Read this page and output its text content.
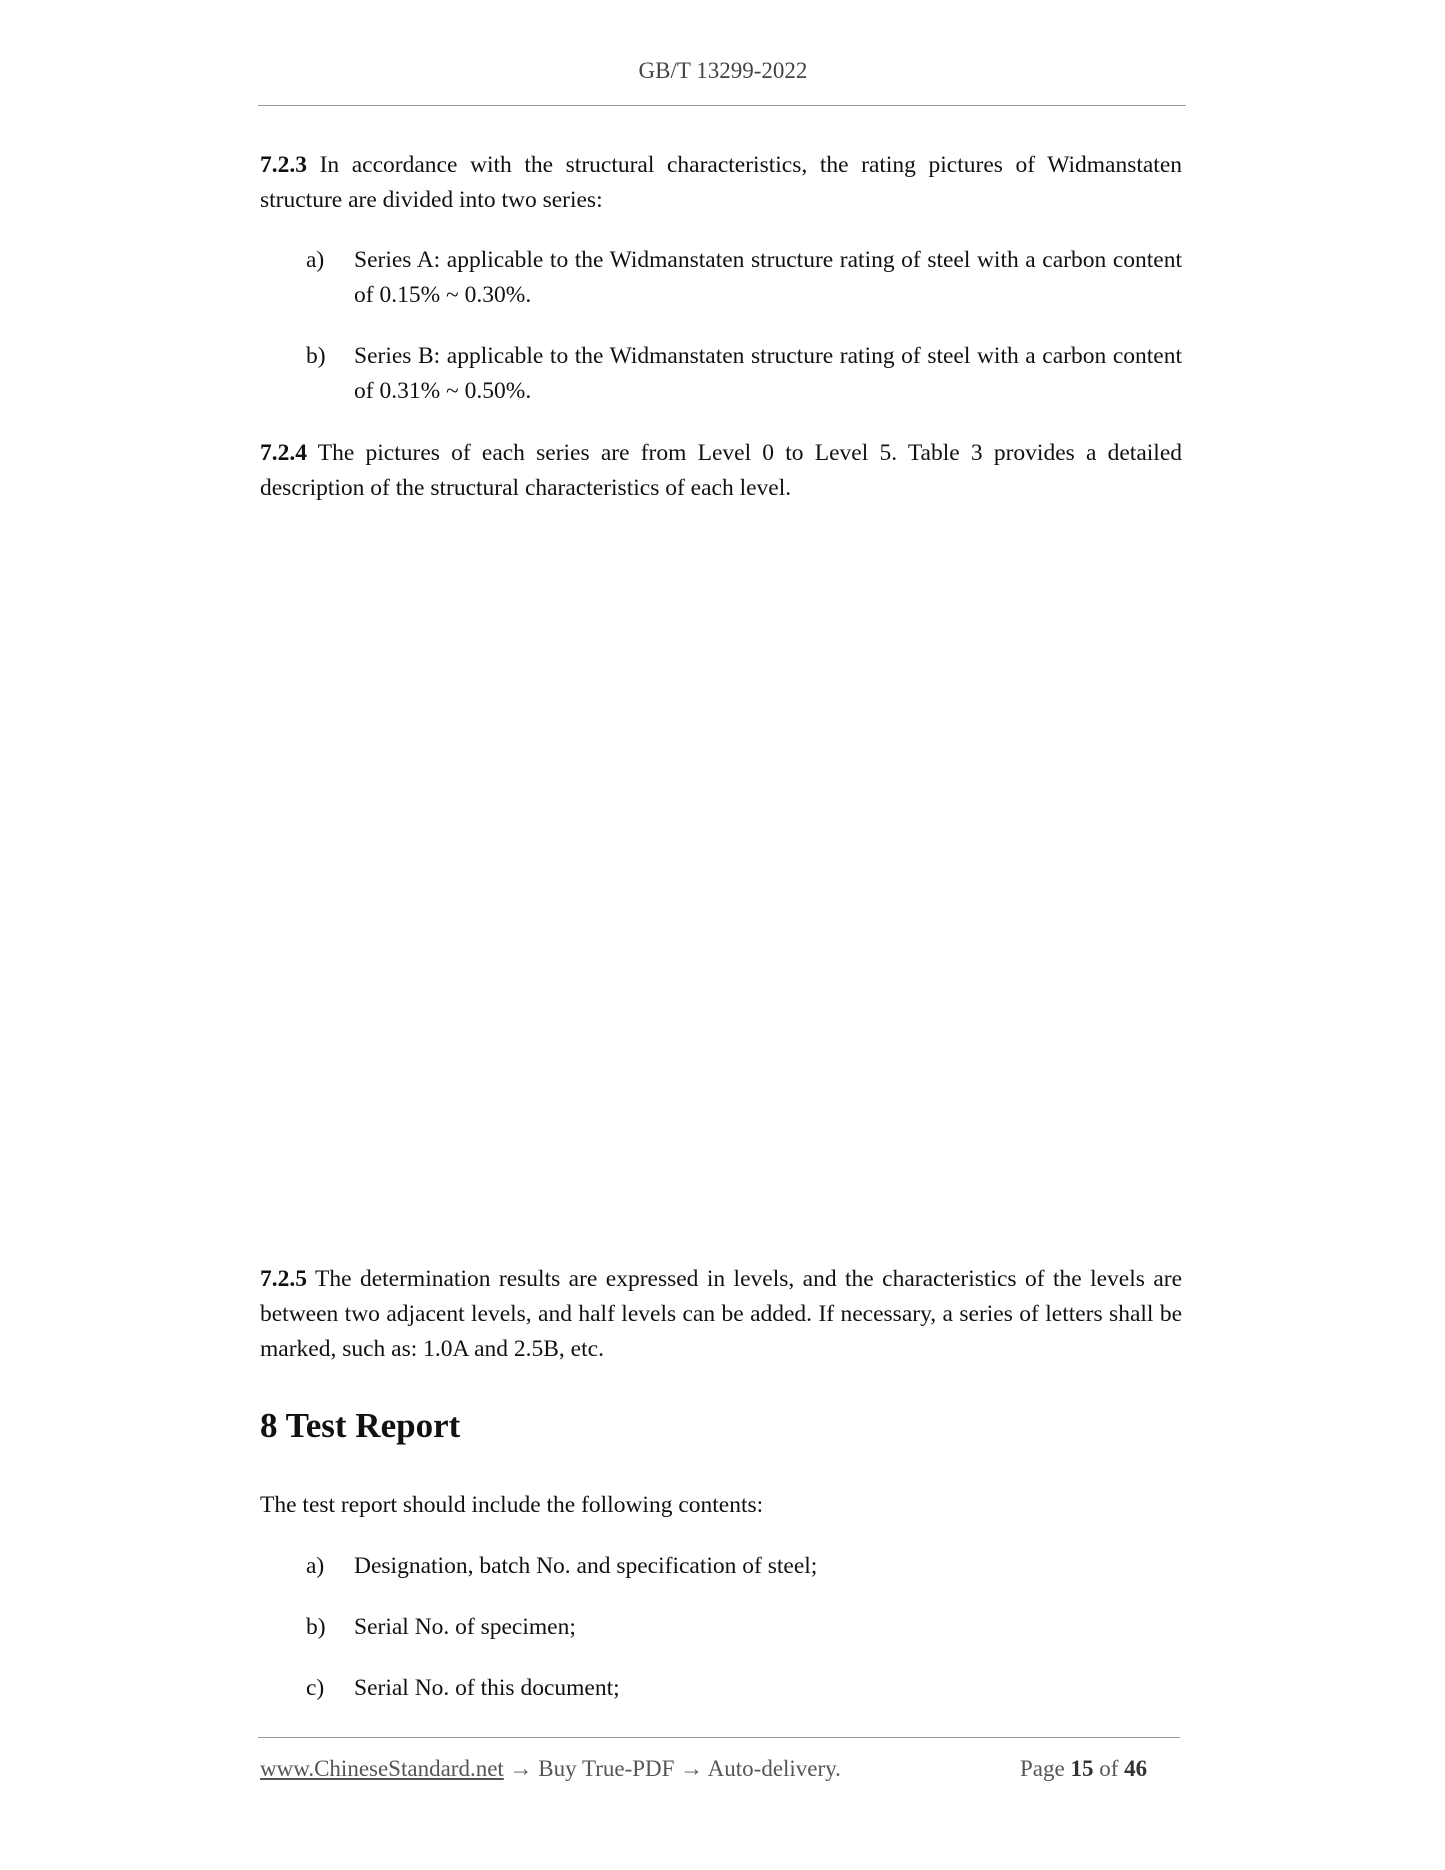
GB/T 13299-2022

7.2.3 In accordance with the structural characteristics, the rating pictures of Widmanstaten structure are divided into two series:

a)	Series A: applicable to the Widmanstaten structure rating of steel with a carbon content of 0.15% ~ 0.30%.
b)	Series B: applicable to the Widmanstaten structure rating of steel with a carbon content of 0.31% ~ 0.50%.

7.2.4 The pictures of each series are from Level 0 to Level 5. Table 3 provides a detailed description of the structural characteristics of each level.

7.2.5 The determination results are expressed in levels, and the characteristics of the levels are between two adjacent levels, and half levels can be added. If necessary, a series of letters shall be marked, such as: 1.0A and 2.5B, etc.

8 Test Report

The test report should include the following contents:

a)	Designation, batch No. and specification of steel;
b)	Serial No. of specimen;
c)	Serial No. of this document;
www.ChineseStandard.net → Buy True-PDF → Auto-delivery.	Page 15 of 46
